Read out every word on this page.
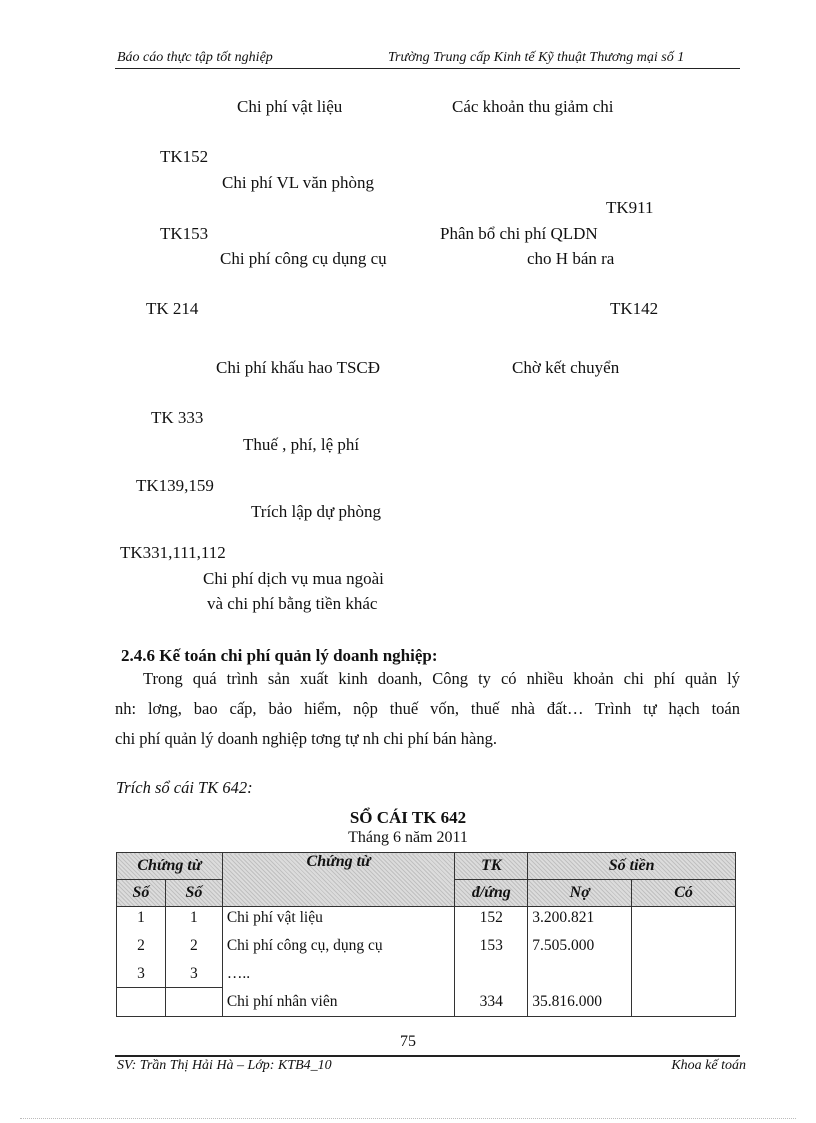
Báo cáo thực tập tốt nghiệp	Trường Trung cấp Kinh tế Kỹ thuật Thương mại số 1
Chi phí vật liệu	Các khoản thu giảm chi
TK152
Chi phí VL văn phòng
TK911
TK153	Phân bổ chi phí QLDN
Chi phí công cụ dụng cụ	cho H bán ra
TK 214	TK142
Chi phí khấu hao TSCĐ	Chờ kết chuyển
TK 333
Thuế , phí, lệ phí
TK139,159
Trích lập dự phòng
TK331,111,112
Chi phí dịch vụ mua ngoài
và chi phí bằng tiền khác
2.4.6 Kế toán chi phí quản lý doanh nghiệp:
Trong quá trình sản xuất kinh doanh, Công ty có nhiều khoản chi phí quản lý
nh: lơng, bao cấp, bảo hiểm, nộp thuế vốn, thuế nhà đất… Trình tự hạch toán
chi phí quản lý doanh nghiệp tơng tự nh chi phí bán hàng.
Trích sổ cái TK 642:
SỔ CÁI TK 642
Tháng 6 năm 2011
Chứng từ		Chứng từ	TK	Số tiền	
Số	Số		đ/ứng	Nợ	Có
1	1	Chi phí vật liệu	152	3.200.821	
2	2	Chi phí công cụ, dụng cụ	153	7.505.000	
3	3	…..			
		Chi phí nhân viên	334	35.816.000	
75
SV: Trần Thị Hải Hà – Lớp: KTB4_10	Khoa kế toán
